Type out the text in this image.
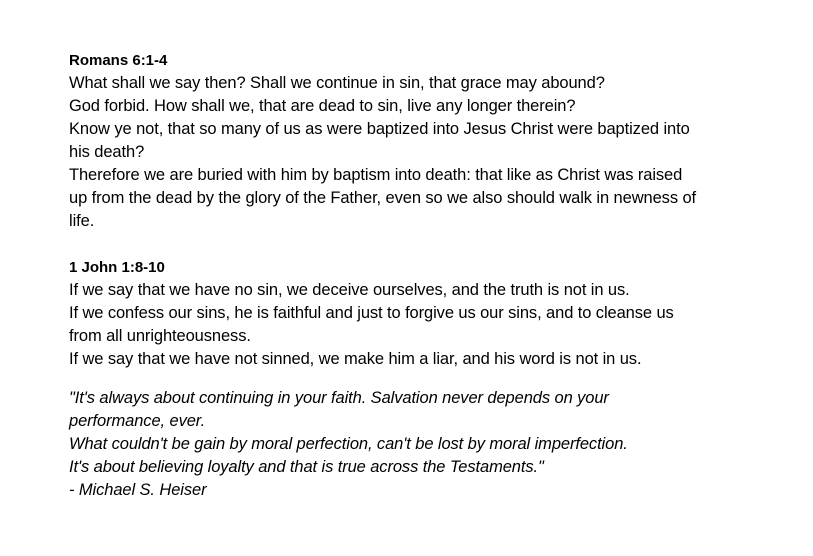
Romans 6:1-4
What shall we say then? Shall we continue in sin, that grace may abound?
God forbid. How shall we, that are dead to sin, live any longer therein?
Know ye not, that so many of us as were baptized into Jesus Christ were baptized into
his death?
Therefore we are buried with him by baptism into death: that like as Christ was raised
up from the dead by the glory of the Father, even so we also should walk in newness of
life.
1 John 1:8-10
If we say that we have no sin, we deceive ourselves, and the truth is not in us.
If we confess our sins, he is faithful and just to forgive us our sins, and to cleanse us
from all unrighteousness.
If we say that we have not sinned, we make him a liar, and his word is not in us.
"It's always about continuing in your faith. Salvation never depends on your
performance, ever.
What couldn't be gain by moral perfection, can't be lost by moral imperfection.
It's about believing loyalty and that is true across the Testaments."
- Michael S. Heiser
